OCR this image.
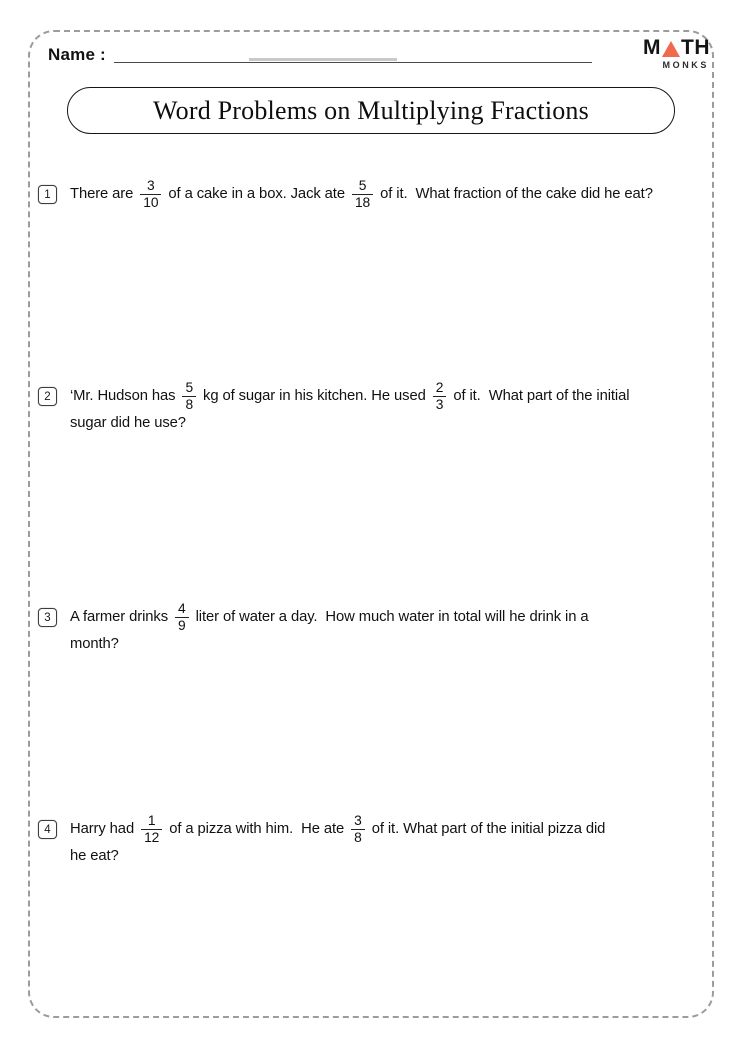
Name :	M TH
MONKS
Word Problems on Multiplying Fractions
1	There are $\frac{3}{10}$ of a cake in a box. Jack ate $\frac{5}{18}$ of it.  What fraction of the cake did he eat?
2	‘Mr. Hudson has $\frac{5}{8}$ kg of sugar in his kitchen. He used $\frac{2}{3}$ of it.  What part of the initial
sugar did he use?
3	A farmer drinks $\frac{4}{9}$ liter of water a day.  How much water in total will he drink in a
month?
4	Harry had $\frac{1}{12}$ of a pizza with him.  He ate $\frac{3}{8}$ of it. What part of the initial pizza did
he eat?
